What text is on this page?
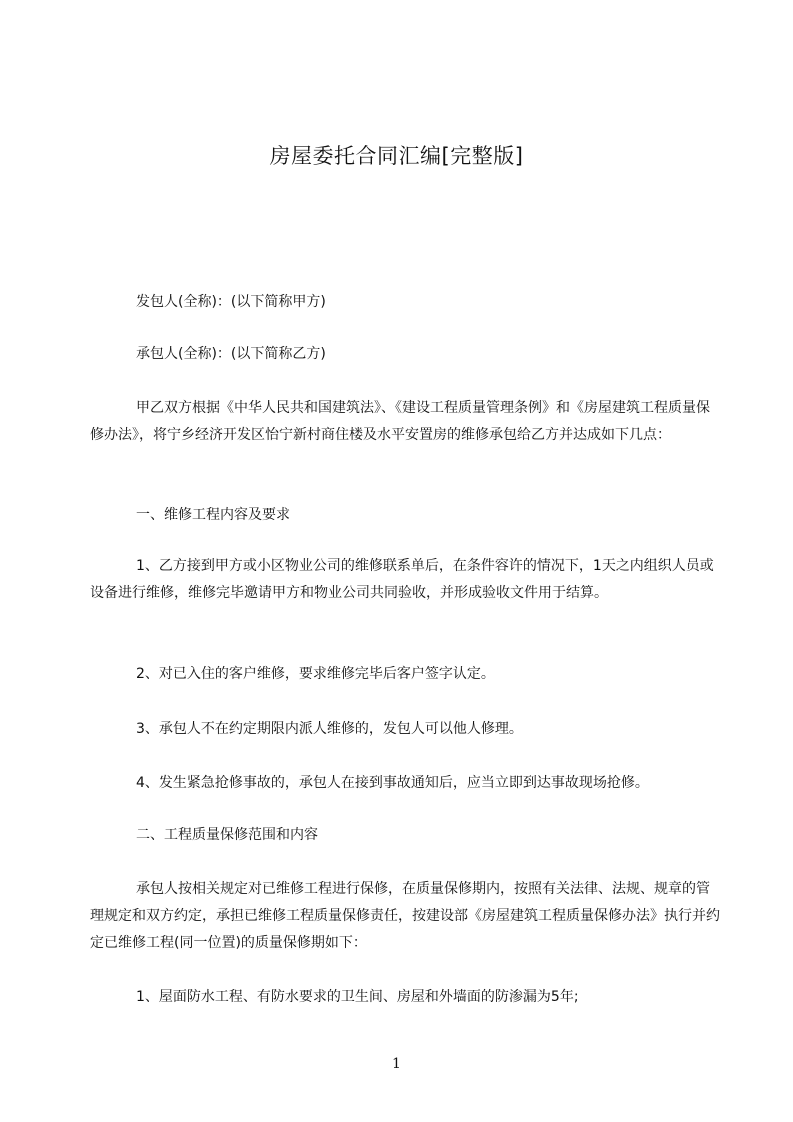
房屋委托合同汇编[完整版]

发包人(全称)：(以下简称甲方)

承包人(全称)：(以下简称乙方)

甲乙双方根据《中华人民共和国建筑法》、《建设工程质量管理条例》和《房屋建筑工程质量保修办法》，将宁乡经济开发区怡宁新村商住楼及水平安置房的维修承包给乙方并达成如下几点：

一、维修工程内容及要求

1、乙方接到甲方或小区物业公司的维修联系单后，在条件容许的情况下，1天之内组织人员或设备进行维修，维修完毕邀请甲方和物业公司共同验收，并形成验收文件用于结算。

2、对已入住的客户维修，要求维修完毕后客户签字认定。

3、承包人不在约定期限内派人维修的，发包人可以他人修理。

4、发生紧急抢修事故的，承包人在接到事故通知后，应当立即到达事故现场抢修。

二、工程质量保修范围和内容

承包人按相关规定对已维修工程进行保修，在质量保修期内，按照有关法律、法规、规章的管理规定和双方约定，承担已维修工程质量保修责任，按建设部《房屋建筑工程质量保修办法》执行并约定已维修工程(同一位置)的质量保修期如下：

1、屋面防水工程、有防水要求的卫生间、房屋和外墙面的防渗漏为5年;

1
